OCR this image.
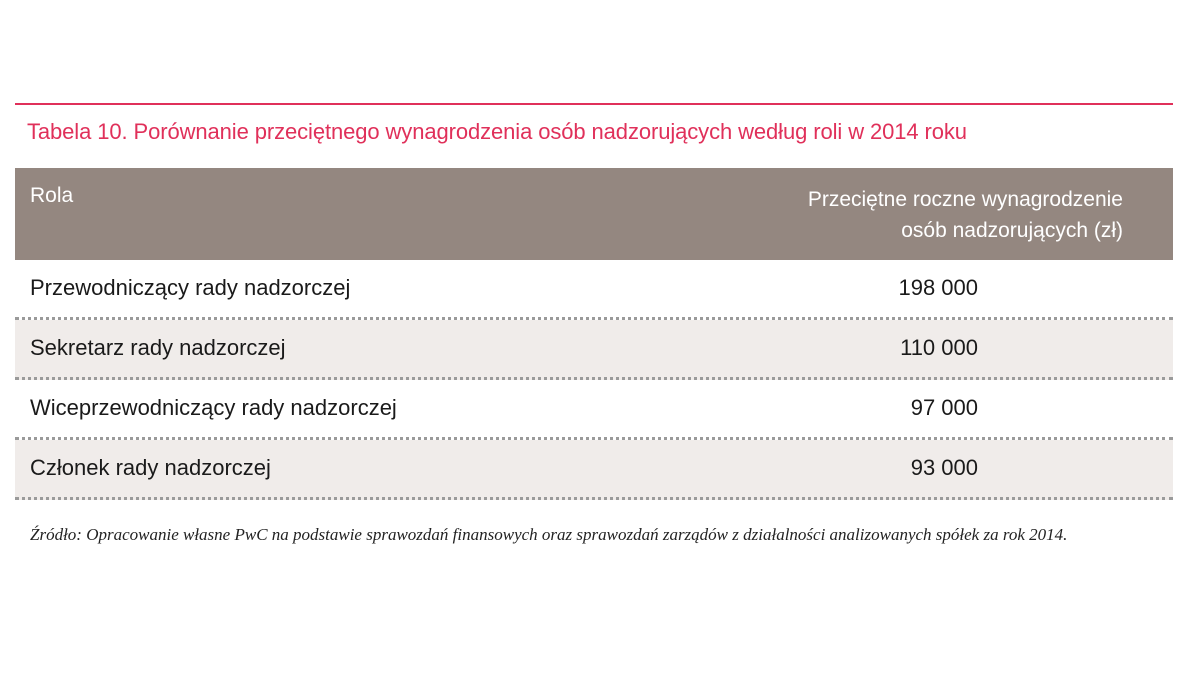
Tabela 10. Porównanie przeciętnego wynagrodzenia osób nadzorujących według roli w 2014 roku
Rola	Przeciętne roczne wynagrodzenie
osób nadzorujących (zł)
Przewodniczący rady nadzorczej	198 000
Sekretarz rady nadzorczej	110 000
Wiceprzewodniczący rady nadzorczej	97 000
Członek rady nadzorczej	93 000
Źródło: Opracowanie własne PwC na podstawie sprawozdań finansowych oraz sprawozdań zarządów z działalności analizowanych spółek za rok 2014.
